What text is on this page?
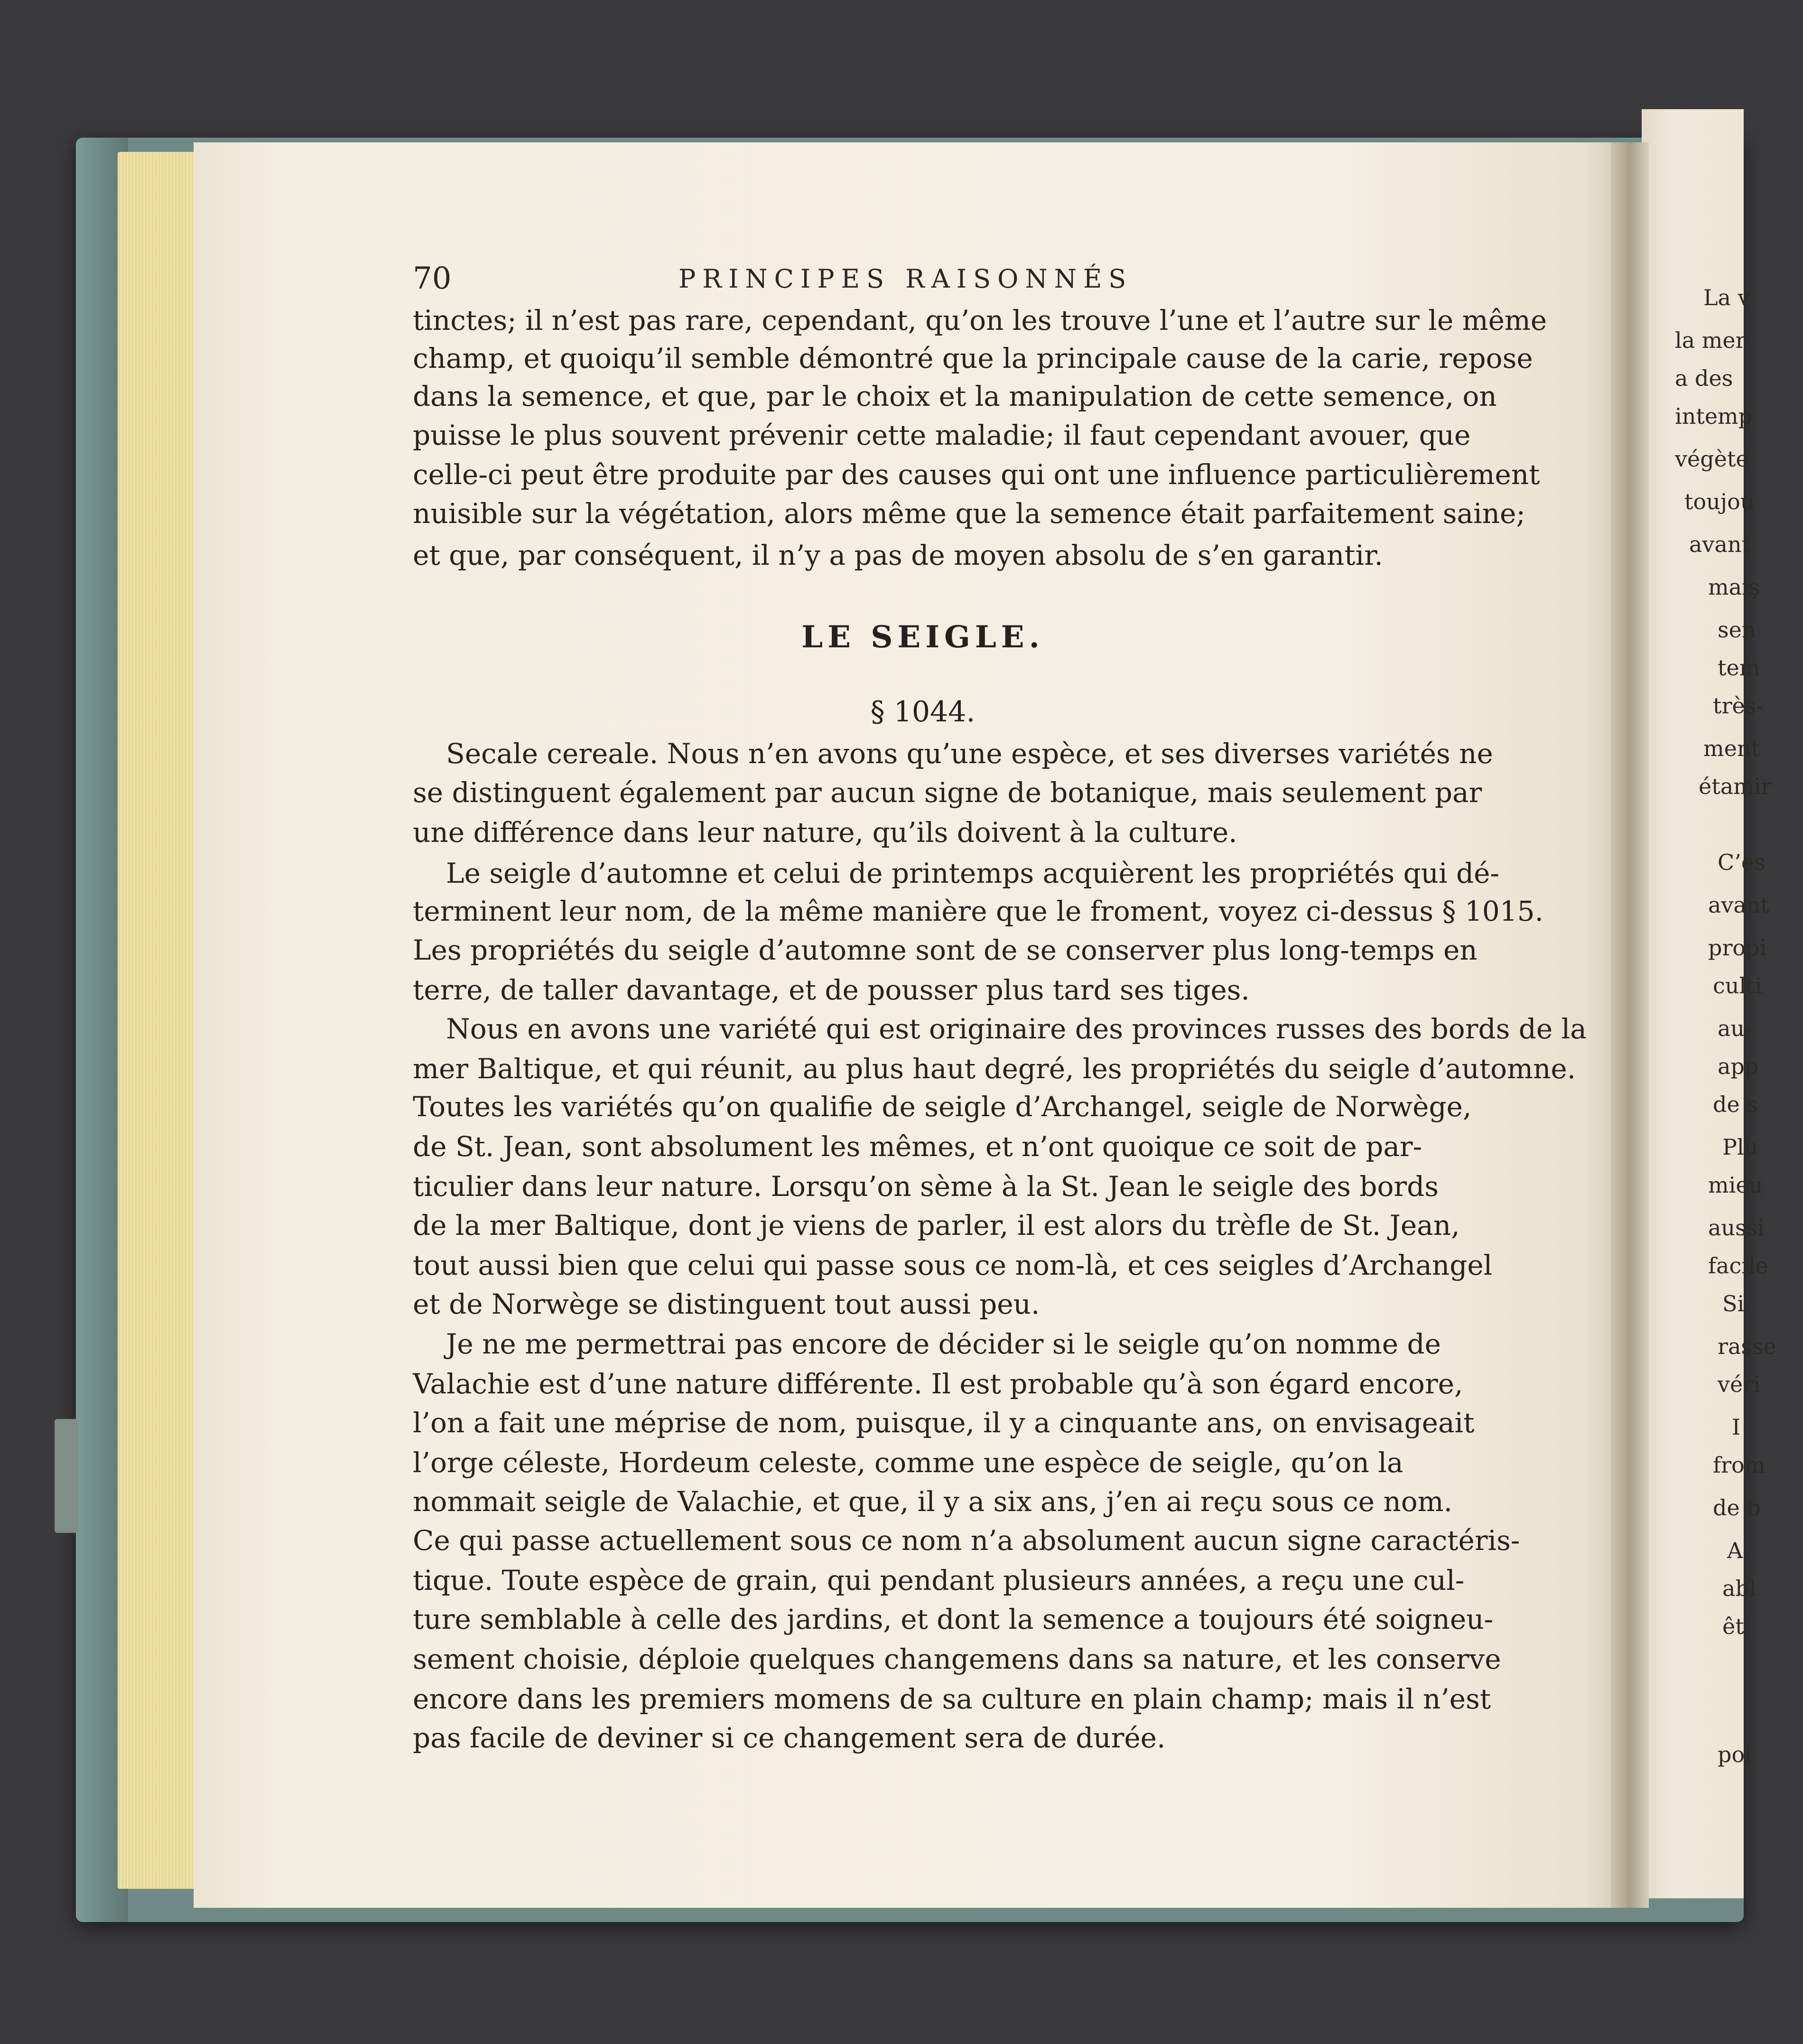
70	PRINCIPES RAISONNÉS
tinctes; il n’est pas rare, cependant, qu’on les trouve l’une et l’autre sur le même
champ, et quoiqu’il semble démontré que la principale cause de la carie, repose
dans la semence, et que, par le choix et la manipulation de cette semence, on
puisse le plus souvent prévenir cette maladie; il faut cependant avouer, que
celle-ci peut être produite par des causes qui ont une influence particulièrement
nuisible sur la végétation, alors même que la semence était parfaitement saine;
et que, par conséquent, il n’y a pas de moyen absolu de s’en garantir.
LE SEIGLE.
§ 1044.
Secale cereale. Nous n’en avons qu’une espèce, et ses diverses variétés ne
se distinguent également par aucun signe de botanique, mais seulement par
une différence dans leur nature, qu’ils doivent à la culture.
Le seigle d’automne et celui de printemps acquièrent les propriétés qui dé-
terminent leur nom, de la même manière que le froment, voyez ci-dessus § 1015.
Les propriétés du seigle d’automne sont de se conserver plus long-temps en
terre, de taller davantage, et de pousser plus tard ses tiges.
Nous en avons une variété qui est originaire des provinces russes des bords de la
mer Baltique, et qui réunit, au plus haut degré, les propriétés du seigle d’automne.
Toutes les variétés qu’on qualifie de seigle d’Archangel, seigle de Norwège,
de St. Jean, sont absolument les mêmes, et n’ont quoique ce soit de par-
ticulier dans leur nature. Lorsqu’on sème à la St. Jean le seigle des bords
de la mer Baltique, dont je viens de parler, il est alors du trèfle de St. Jean,
tout aussi bien que celui qui passe sous ce nom-là, et ces seigles d’Archangel
et de Norwège se distinguent tout aussi peu.
Je ne me permettrai pas encore de décider si le seigle qu’on nomme de
Valachie est d’une nature différente. Il est probable qu’à son égard encore,
l’on a fait une méprise de nom, puisque, il y a cinquante ans, on envisageait
l’orge céleste, Hordeum celeste, comme une espèce de seigle, qu’on la
nommait seigle de Valachie, et que, il y a six ans, j’en ai reçu sous ce nom.
Ce qui passe actuellement sous ce nom n’a absolument aucun signe caractéris-
tique. Toute espèce de grain, qui pendant plusieurs années, a reçu une cul-
ture semblable à celle des jardins, et dont la semence a toujours été soigneu-
sement choisie, déploie quelques changemens dans sa nature, et les conserve
encore dans les premiers momens de sa culture en plain champ; mais il n’est
pas facile de deviner si ce changement sera de durée.
La v
la mer
a des
intemp
végète
toujou
avant
maiş
sen
tem
très-
ment
étamir
C’es
avant
propi
culti
au-
app
de s
Plu
mieu
aussi
facile
Si
rasse
véri
I
from
de b
A
abl
êt
poi
